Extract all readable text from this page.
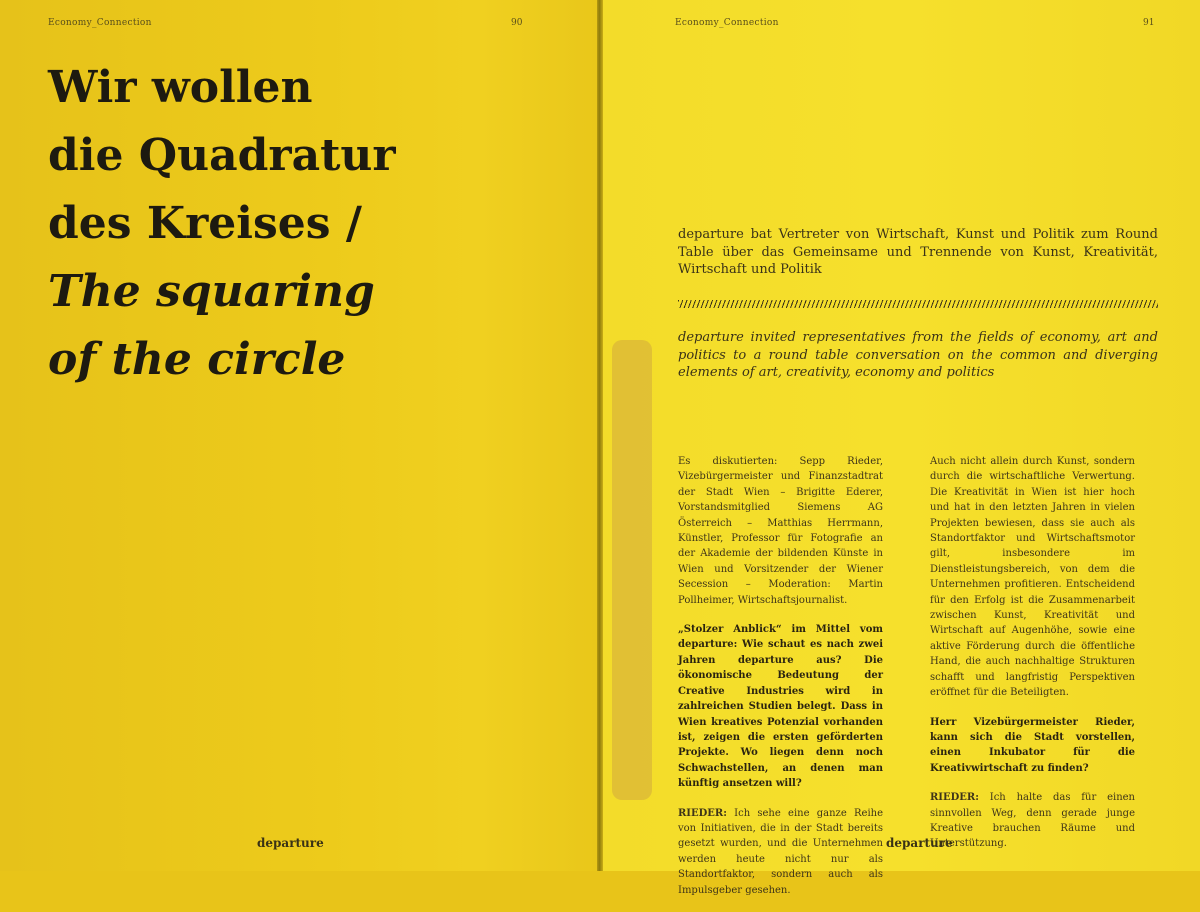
Economy_Connection	90
Wir wollen
die Quadratur
des Kreises /
The squaring
of the circle
departure
Economy_Connection	91
departure bat Vertreter von Wirtschaft, Kunst und Politik zum Round Table über das Gemeinsame und Trennende von Kunst, Kreativität, Wirtschaft und Politik
departure invited representatives from the fields of economy, art and politics to a round table conversation on the common and diverging elements of art, creativity, economy and politics

Es diskutierten: Sepp Rieder, Vizebürgermeister und Finanzstadtrat der Stadt Wien – Brigitte Ederer, Vorstandsmitglied Siemens AG Österreich – Matthias Herrmann, Künstler, Professor für Fotografie an der Akademie der bildenden Künste in Wien und Vorsitzender der Wiener Secession – Moderation: Martin Pollheimer, Wirtschaftsjournalist.

„Stolzer Anblick“ im Mittel vom departure: Wie schaut es nach zwei Jahren departure aus? Die ökonomische Bedeutung der Creative Industries wird in zahlreichen Studien belegt. Dass in Wien kreatives Potenzial vorhanden ist, zeigen die ersten geförderten Projekte. Wo liegen denn noch Schwachstellen, an denen man künftig ansetzen will?

RIEDER: Ich sehe eine ganze Reihe von Initiativen, die in der Stadt bereits gesetzt wurden, und die Unternehmen werden heute nicht nur als Standortfaktor, sondern auch als Impulsgeber gesehen.

Auch nicht allein durch Kunst, sondern durch die wirtschaftliche Verwertung. Die Kreativität in Wien ist hier hoch und hat in den letzten Jahren in vielen Projekten bewiesen, dass sie auch als Standortfaktor und Wirtschaftsmotor gilt, insbesondere im Dienstleistungsbereich, von dem die Unternehmen profitieren. Entscheidend für den Erfolg ist die Zusammenarbeit zwischen Kunst, Kreativität und Wirtschaft auf Augenhöhe, sowie eine aktive Förderung durch die öffentliche Hand, die auch nachhaltige Strukturen schafft und langfristig Perspektiven eröffnet für die Beteiligten.

Herr Vizebürgermeister Rieder, kann sich die Stadt vorstellen, einen Inkubator für die Kreativwirtschaft zu finden?

RIEDER: Ich halte das für einen sinnvollen Weg, denn gerade junge Kreative brauchen Räume und Unterstützung.

departure
